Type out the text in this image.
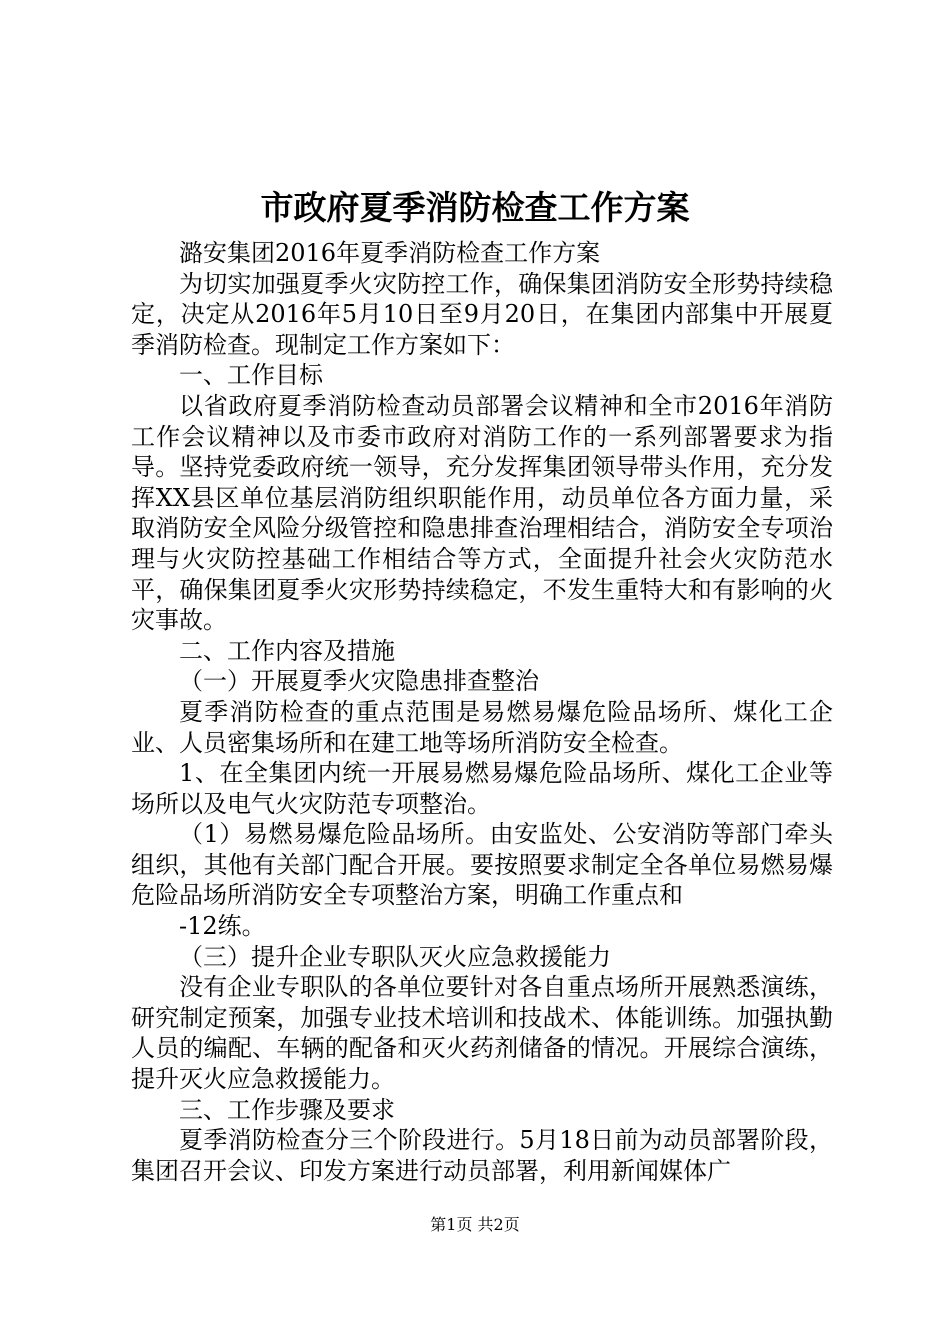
市政府夏季消防检查工作方案

潞安集团2016年夏季消防检查工作方案

为切实加强夏季火灾防控工作，确保集团消防安全形势持续稳定，决定从2016年5月10日至9月20日，在集团内部集中开展夏季消防检查。现制定工作方案如下：

一、工作目标

以省政府夏季消防检查动员部署会议精神和全市2016年消防工作会议精神以及市委市政府对消防工作的一系列部署要求为指导。坚持党委政府统一领导，充分发挥集团领导带头作用，充分发挥XX县区单位基层消防组织职能作用，动员单位各方面力量，采取消防安全风险分级管控和隐患排查治理相结合，消防安全专项治理与火灾防控基础工作相结合等方式，全面提升社会火灾防范水平，确保集团夏季火灾形势持续稳定，不发生重特大和有影响的火灾事故。

二、工作内容及措施

（一）开展夏季火灾隐患排查整治

夏季消防检查的重点范围是易燃易爆危险品场所、煤化工企业、人员密集场所和在建工地等场所消防安全检查。

1、在全集团内统一开展易燃易爆危险品场所、煤化工企业等场所以及电气火灾防范专项整治。

（1）易燃易爆危险品场所。由安监处、公安消防等部门牵头组织，其他有关部门配合开展。要按照要求制定全各单位易燃易爆危险品场所消防安全专项整治方案，明确工作重点和

-12练。

（三）提升企业专职队灭火应急救援能力

没有企业专职队的各单位要针对各自重点场所开展熟悉演练，研究制定预案，加强专业技术培训和技战术、体能训练。加强执勤人员的编配、车辆的配备和灭火药剂储备的情况。开展综合演练，提升灭火应急救援能力。

三、工作步骤及要求

夏季消防检查分三个阶段进行。5月18日前为动员部署阶段，集团召开会议、印发方案进行动员部署，利用新闻媒体广

第1页 共2页
